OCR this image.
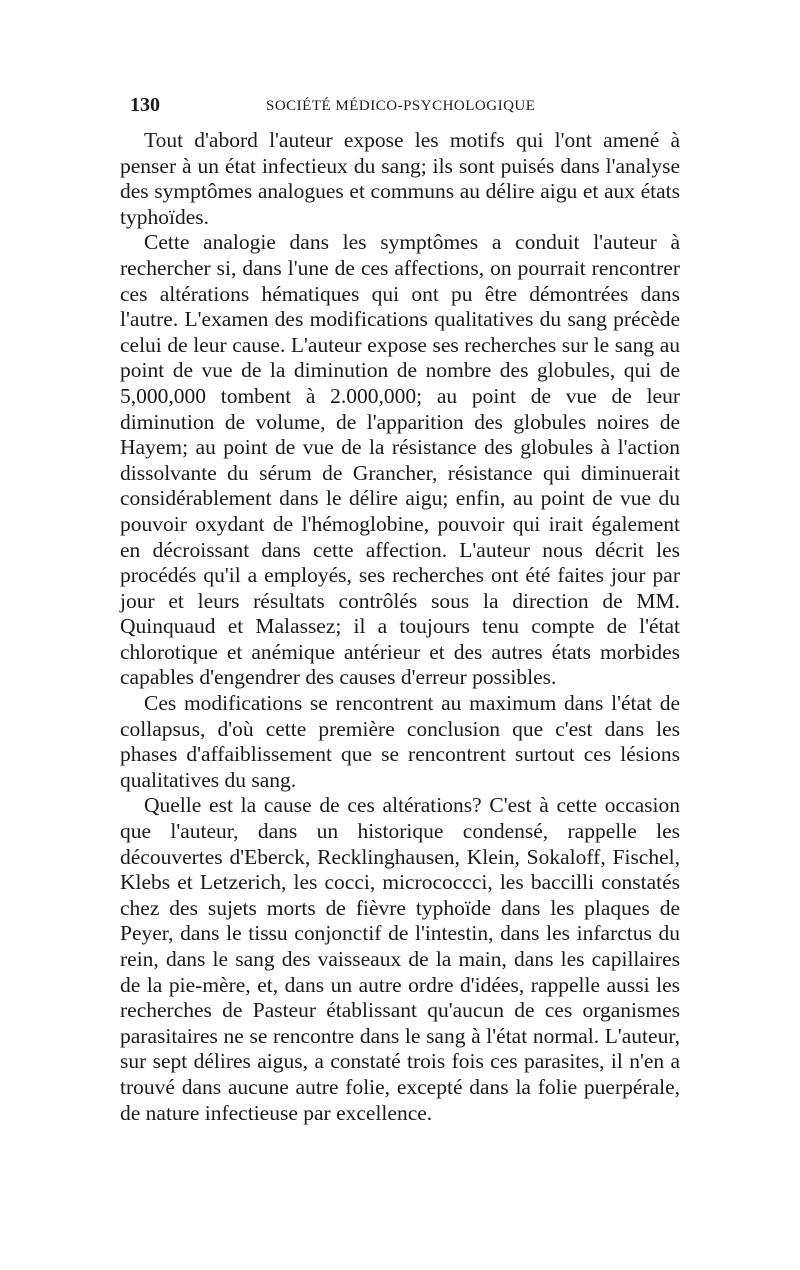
130	SOCIÉTÉ MÉDICO-PSYCHOLOGIQUE

Tout d'abord l'auteur expose les motifs qui l'ont amené à penser à un état infectieux du sang; ils sont puisés dans l'analyse des symptômes analogues et communs au délire aigu et aux états typhoïdes.

Cette analogie dans les symptômes a conduit l'auteur à rechercher si, dans l'une de ces affections, on pourrait rencontrer ces altérations hématiques qui ont pu être démontrées dans l'autre. L'examen des modifications qualitatives du sang précède celui de leur cause. L'auteur expose ses recherches sur le sang au point de vue de la diminution de nombre des globules, qui de 5,000,000 tombent à 2.000,000; au point de vue de leur diminution de volume, de l'apparition des globules noires de Hayem; au point de vue de la résistance des globules à l'action dissolvante du sérum de Grancher, résistance qui diminuerait considérablement dans le délire aigu; enfin, au point de vue du pouvoir oxydant de l'hémoglobine, pouvoir qui irait également en décroissant dans cette affection. L'auteur nous décrit les procédés qu'il a employés, ses recherches ont été faites jour par jour et leurs résultats contrôlés sous la direction de MM. Quinquaud et Malassez; il a toujours tenu compte de l'état chlorotique et anémique antérieur et des autres états morbides capables d'engendrer des causes d'erreur possibles.

Ces modifications se rencontrent au maximum dans l'état de collapsus, d'où cette première conclusion que c'est dans les phases d'affaiblissement que se rencontrent surtout ces lésions qualitatives du sang.

Quelle est la cause de ces altérations? C'est à cette occasion que l'auteur, dans un historique condensé, rappelle les découvertes d'Eberck, Recklinghausen, Klein, Sokaloff, Fischel, Klebs et Letzerich, les cocci, micrococcci, les baccilli constatés chez des sujets morts de fièvre typhoïde dans les plaques de Peyer, dans le tissu conjonctif de l'intestin, dans les infarctus du rein, dans le sang des vaisseaux de la main, dans les capillaires de la pie-mère, et, dans un autre ordre d'idées, rappelle aussi les recherches de Pasteur établissant qu'aucun de ces organismes parasitaires ne se rencontre dans le sang à l'état normal. L'auteur, sur sept délires aigus, a constaté trois fois ces parasites, il n'en a trouvé dans aucune autre folie, excepté dans la folie puerpérale, de nature infectieuse par excellence.
